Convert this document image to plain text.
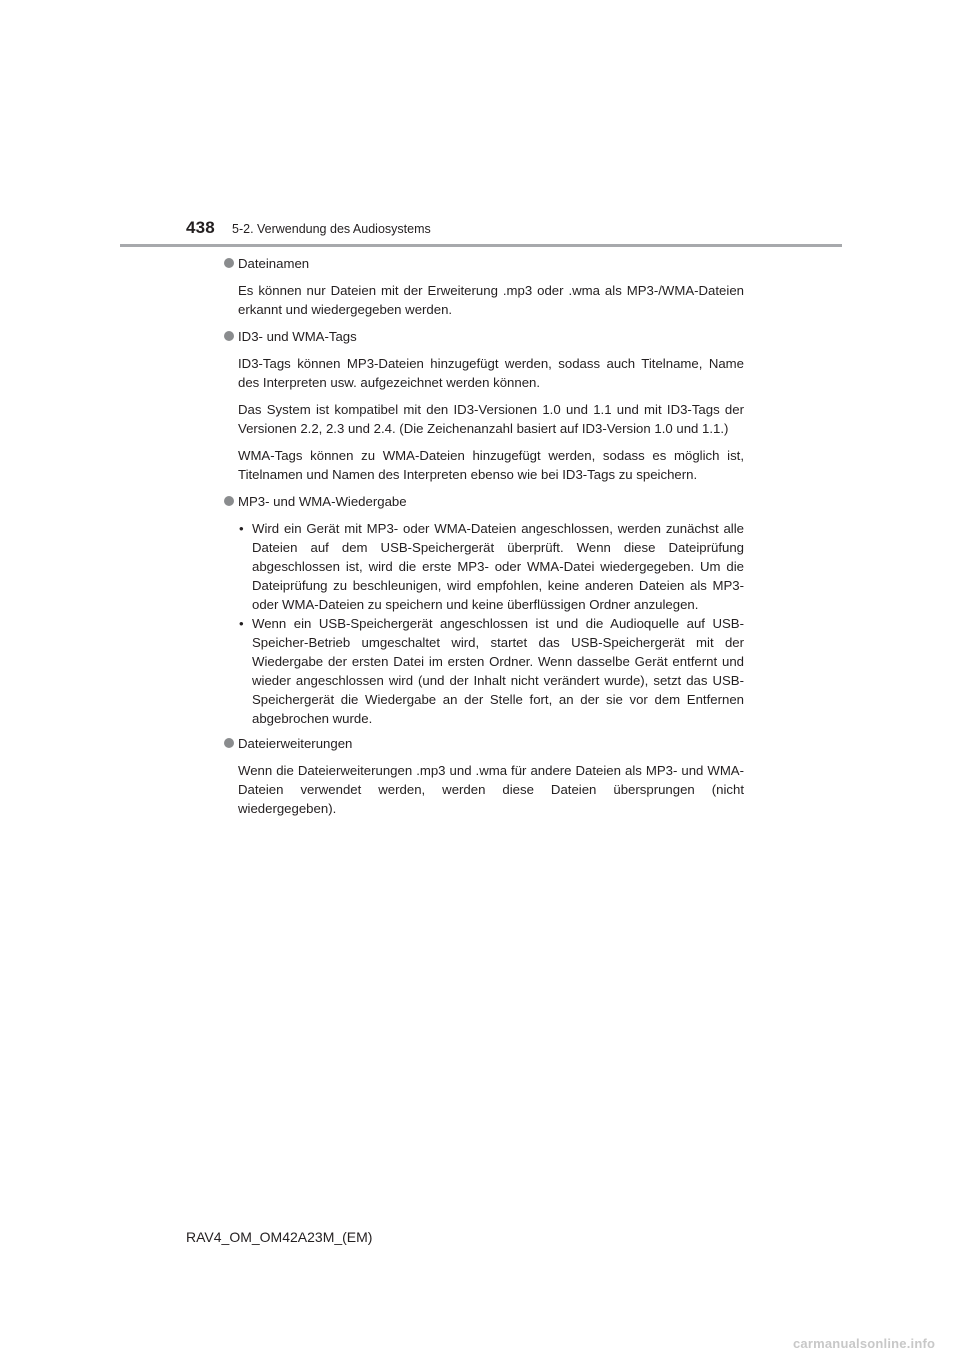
438 5-2. Verwendung des Audiosystems
Dateinamen

Es können nur Dateien mit der Erweiterung .mp3 oder .wma als MP3-/WMA-Dateien erkannt und wiedergegeben werden.

ID3- und WMA-Tags

ID3-Tags können MP3-Dateien hinzugefügt werden, sodass auch Titelname, Name des Interpreten usw. aufgezeichnet werden können.

Das System ist kompatibel mit den ID3-Versionen 1.0 und 1.1 und mit ID3-Tags der Versionen 2.2, 2.3 und 2.4. (Die Zeichenanzahl basiert auf ID3-Version 1.0 und 1.1.)

WMA-Tags können zu WMA-Dateien hinzugefügt werden, sodass es möglich ist, Titelnamen und Namen des Interpreten ebenso wie bei ID3-Tags zu speichern.

MP3- und WMA-Wiedergabe
• Wird ein Gerät mit MP3- oder WMA-Dateien angeschlossen, werden zunächst alle Dateien auf dem USB-Speichergerät überprüft. Wenn diese Dateiprüfung abgeschlossen ist, wird die erste MP3- oder WMA-Datei wiedergegeben. Um die Dateiprüfung zu beschleunigen, wird empfohlen, keine anderen Dateien als MP3- oder WMA-Dateien zu speichern und keine überflüssigen Ordner anzulegen.
• Wenn ein USB-Speichergerät angeschlossen ist und die Audioquelle auf USB-Speicher-Betrieb umgeschaltet wird, startet das USB-Speichergerät mit der Wiedergabe der ersten Datei im ersten Ordner. Wenn dasselbe Gerät entfernt und wieder angeschlossen wird (und der Inhalt nicht verändert wurde), setzt das USB-Speichergerät die Wiedergabe an der Stelle fort, an der sie vor dem Entfernen abgebrochen wurde.
Dateierweiterungen

Wenn die Dateierweiterungen .mp3 und .wma für andere Dateien als MP3- und WMA-Dateien verwendet werden, werden diese Dateien übersprungen (nicht wiedergegeben).

RAV4_OM_OM42A23M_(EM)
carmanualsonline.info
